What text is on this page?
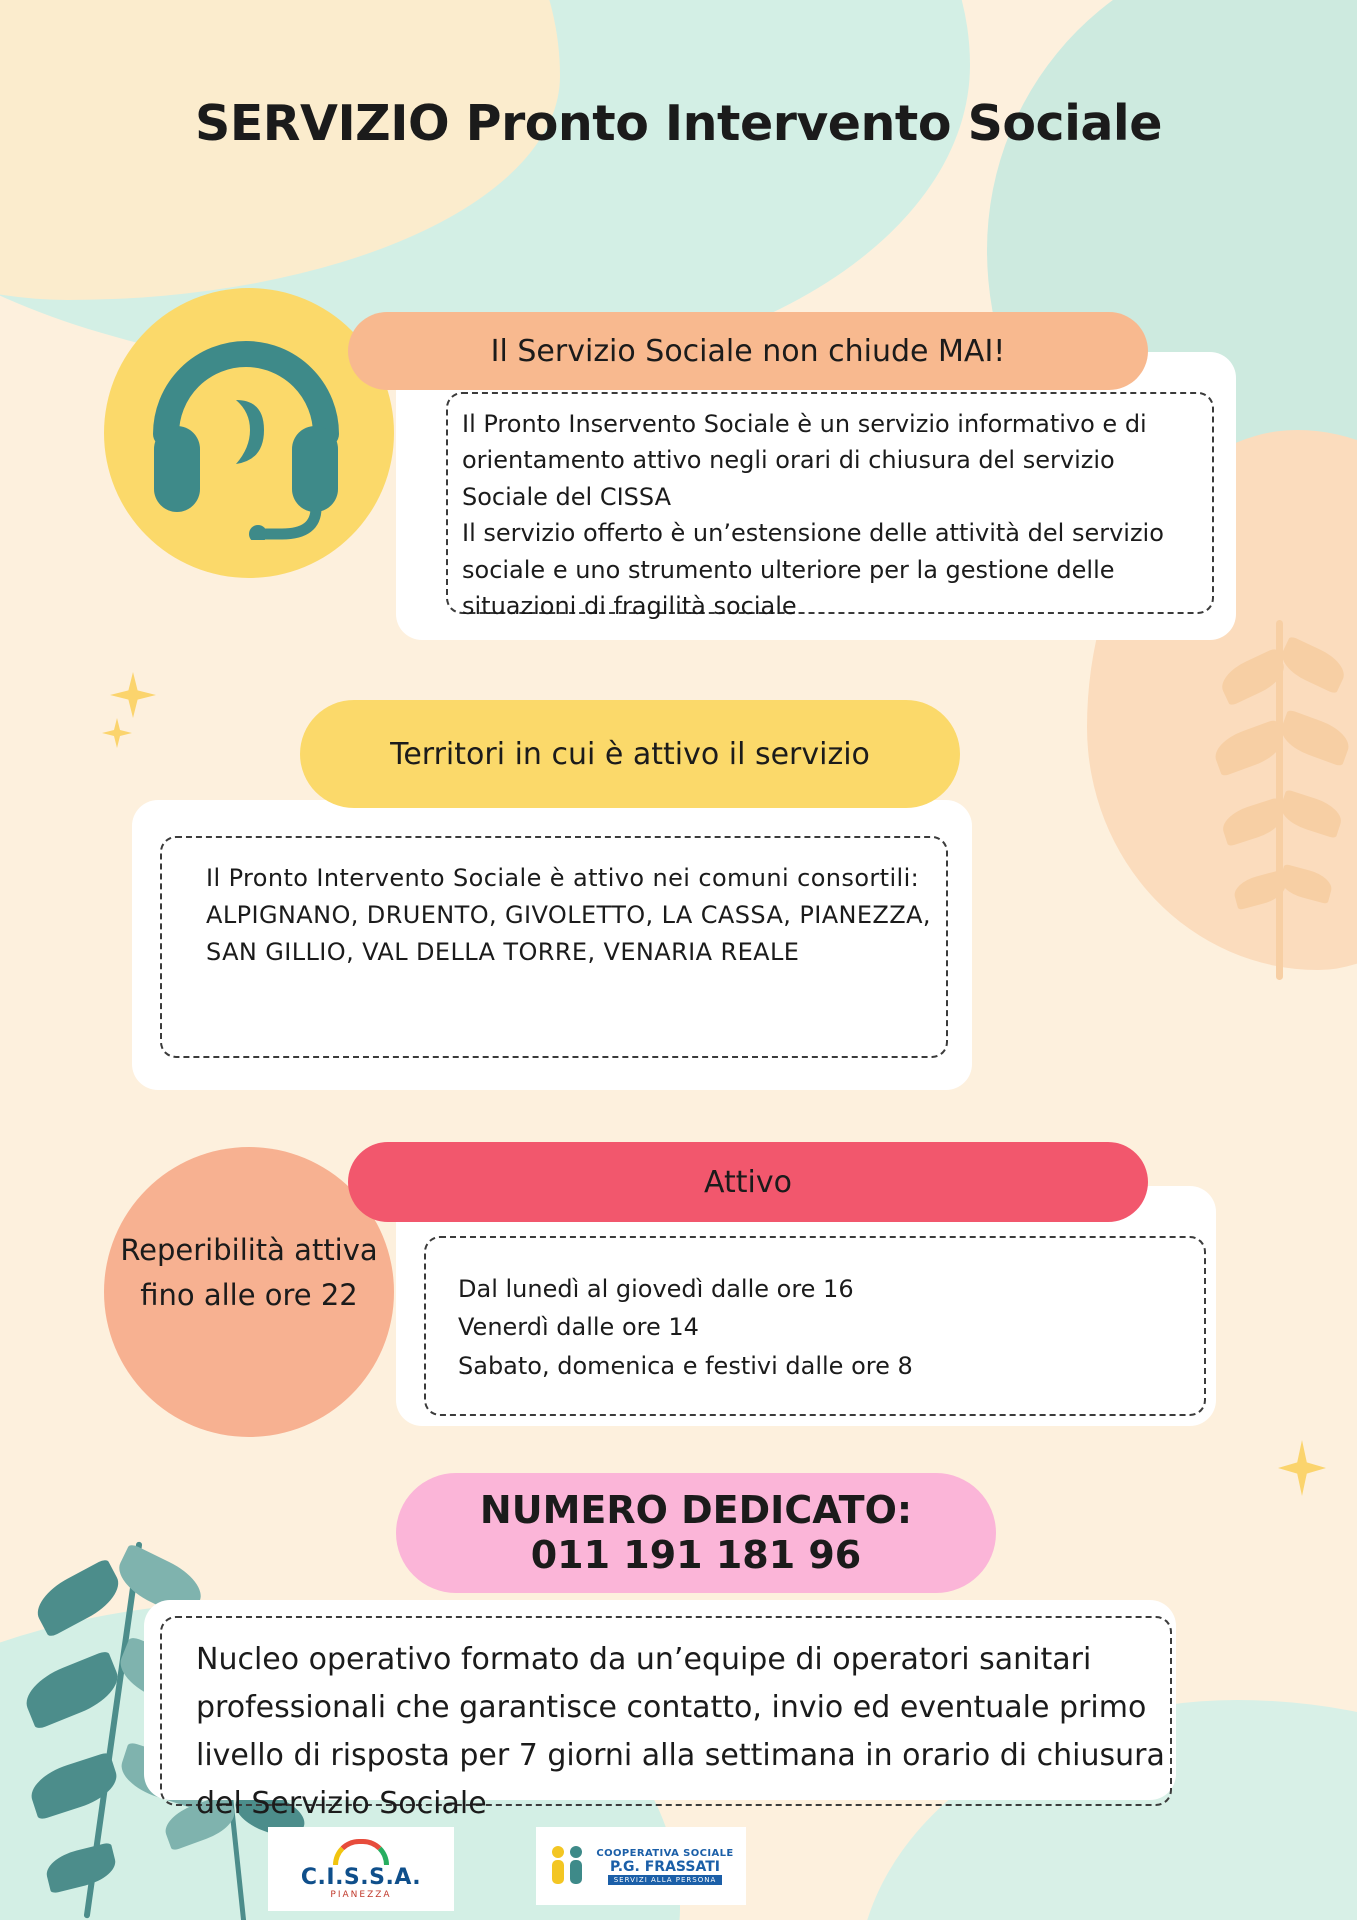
SERVIZIO Pronto Intervento Sociale
Il Servizio Sociale non chiude MAI!
Il Pronto Inservento Sociale è un servizio informativo e di orientamento attivo negli orari di chiusura del servizio Sociale del CISSA
Il servizio offerto è un’estensione delle attività del servizio sociale e uno strumento ulteriore per la gestione delle situazioni di fragilità sociale
Territori in cui è attivo il servizio
Il Pronto Intervento Sociale è attivo nei comuni consortili:
ALPIGNANO, DRUENTO, GIVOLETTO, LA CASSA, PIANEZZA, SAN GILLIO, VAL DELLA TORRE, VENARIA REALE
Reperibilità attiva fino alle ore 22
Attivo
Dal lunedì al giovedì dalle ore 16
Venerdì dalle ore 14
Sabato, domenica e festivi dalle ore 8
NUMERO DEDICATO:
011 191 181 96
Nucleo operativo formato da un’equipe di operatori sanitari professionali che garantisce contatto, invio ed eventuale primo livello di risposta per 7 giorni alla settimana in orario di chiusura del Servizio Sociale
C.I.S.S.A.
PIANEZZA
COOPERATIVA SOCIALE
P.G. FRASSATI
SERVIZI ALLA PERSONA
